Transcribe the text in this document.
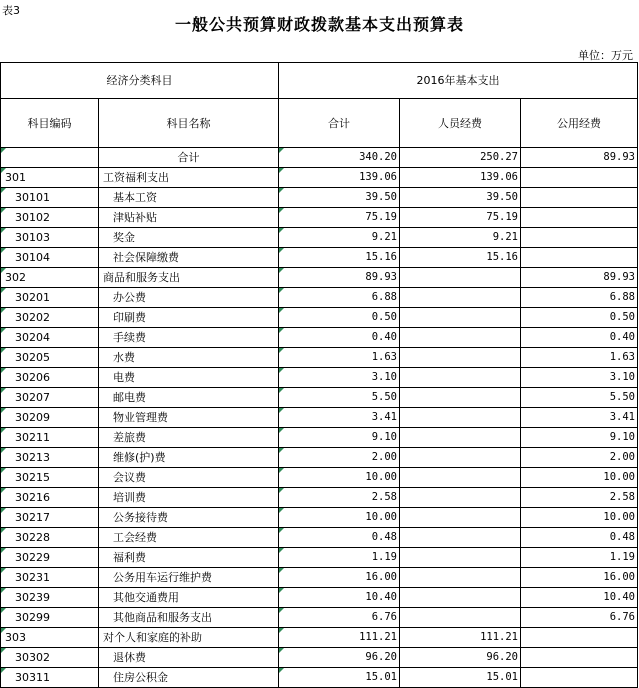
表3
一般公共预算财政拨款基本支出预算表
单位：万元
经济分类科目		2016年基本支出		
科目编码	科目名称	合计	人员经费	公用经费

	合计	340.20	250.27	89.93

301	工资福利支出	139.06	139.06	

30101	基本工资	39.50	39.50	

30102	津贴补贴	75.19	75.19	

30103	奖金	9.21	9.21	

30104	社会保障缴费	15.16	15.16	

302	商品和服务支出	89.93		89.93

30201	办公费	6.88		6.88

30202	印刷费	0.50		0.50

30204	手续费	0.40		0.40

30205	水费	1.63		1.63

30206	电费	3.10		3.10

30207	邮电费	5.50		5.50

30209	物业管理费	3.41		3.41

30211	差旅费	9.10		9.10

30213	维修(护)费	2.00		2.00

30215	会议费	10.00		10.00

30216	培训费	2.58		2.58

30217	公务接待费	10.00		10.00

30228	工会经费	0.48		0.48

30229	福利费	1.19		1.19

30231	公务用车运行维护费	16.00		16.00

30239	其他交通费用	10.40		10.40

30299	其他商品和服务支出	6.76		6.76

303	对个人和家庭的补助	111.21	111.21	

30302	退休费	96.20	96.20	

30311	住房公积金	15.01	15.01	
